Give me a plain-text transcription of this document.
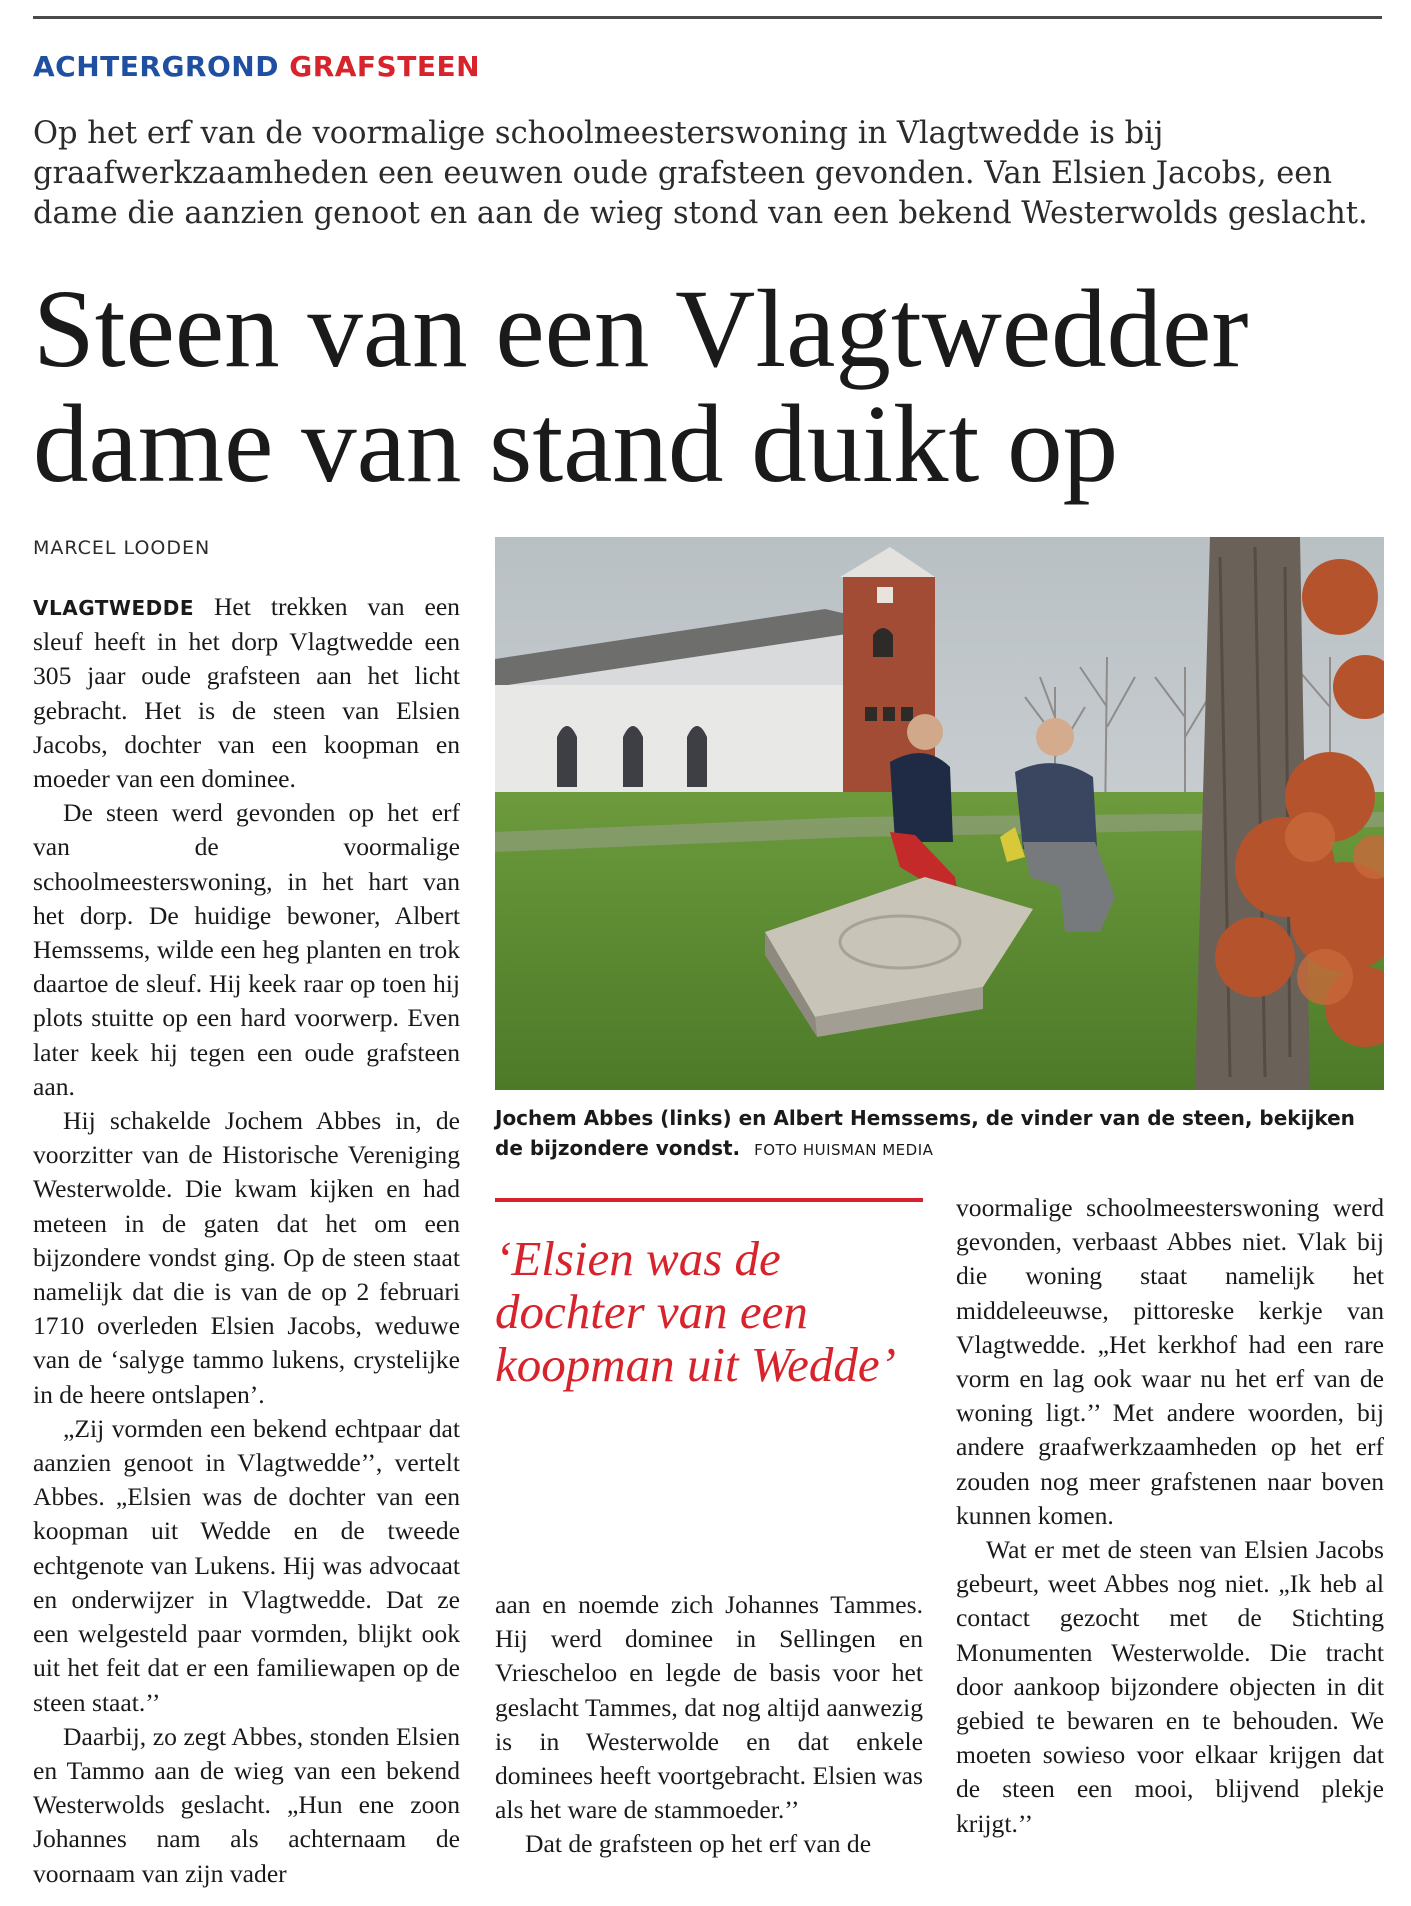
ACHTERGROND GRAFSTEEN
Op het erf van de voormalige schoolmeesterswoning in Vlagtwedde is bij graafwerkzaamheden een eeuwen oude grafsteen gevonden. Van Elsien Jacobs, een dame die aanzien genoot en aan de wieg stond van een bekend Westerwolds geslacht.
Steen van een Vlagtwedder dame van stand duikt op
MARCEL LOODEN

VLAGTWEDDE Het trekken van een sleuf heeft in het dorp Vlagtwedde een 305 jaar oude grafsteen aan het licht gebracht. Het is de steen van Elsien Jacobs, dochter van een koopman en moeder van een dominee.

De steen werd gevonden op het erf van de voormalige schoolmeesterswoning, in het hart van het dorp. De huidige bewoner, Albert Hemssems, wilde een heg planten en trok daartoe de sleuf. Hij keek raar op toen hij plots stuitte op een hard voorwerp. Even later keek hij tegen een oude grafsteen aan.

Hij schakelde Jochem Abbes in, de voorzitter van de Historische Vereniging Westerwolde. Die kwam kijken en had meteen in de gaten dat het om een bijzondere vondst ging. Op de steen staat namelijk dat die is van de op 2 februari 1710 overleden Elsien Jacobs, weduwe van de ‘salyge tammo lukens, crystelijke in de heere ontslapen’.

„Zij vormden een bekend echtpaar dat aanzien genoot in Vlagtwedde’’, vertelt Abbes. „Elsien was de dochter van een koopman uit Wedde en de tweede echtgenote van Lukens. Hij was advocaat en onderwijzer in Vlagtwedde. Dat ze een welgesteld paar vormden, blijkt ook uit het feit dat er een familiewapen op de steen staat.’’

Daarbij, zo zegt Abbes, stonden Elsien en Tammo aan de wieg van een bekend Westerwolds geslacht. „Hun ene zoon Johannes nam als achternaam de voornaam van zijn vader

Jochem Abbes (links) en Albert Hemssems, de vinder van de steen, bekijken de bijzondere vondst. FOTO HUISMAN MEDIA
‘Elsien was de dochter van een koopman uit Wedde’

aan en noemde zich Johannes Tammes. Hij werd dominee in Sellingen en Vriescheloo en legde de basis voor het geslacht Tammes, dat nog altijd aanwezig is in Westerwolde en dat enkele dominees heeft voortgebracht. Elsien was als het ware de stammoeder.’’

Dat de grafsteen op het erf van de

voormalige schoolmeesterswoning werd gevonden, verbaast Abbes niet. Vlak bij die woning staat namelijk het middeleeuwse, pittoreske kerkje van Vlagtwedde. „Het kerkhof had een rare vorm en lag ook waar nu het erf van de woning ligt.’’ Met andere woorden, bij andere graafwerkzaamheden op het erf zouden nog meer grafstenen naar boven kunnen komen.

Wat er met de steen van Elsien Jacobs gebeurt, weet Abbes nog niet. „Ik heb al contact gezocht met de Stichting Monumenten Westerwolde. Die tracht door aankoop bijzondere objecten in dit gebied te bewaren en te behouden. We moeten sowieso voor elkaar krijgen dat de steen een mooi, blijvend plekje krijgt.’’
